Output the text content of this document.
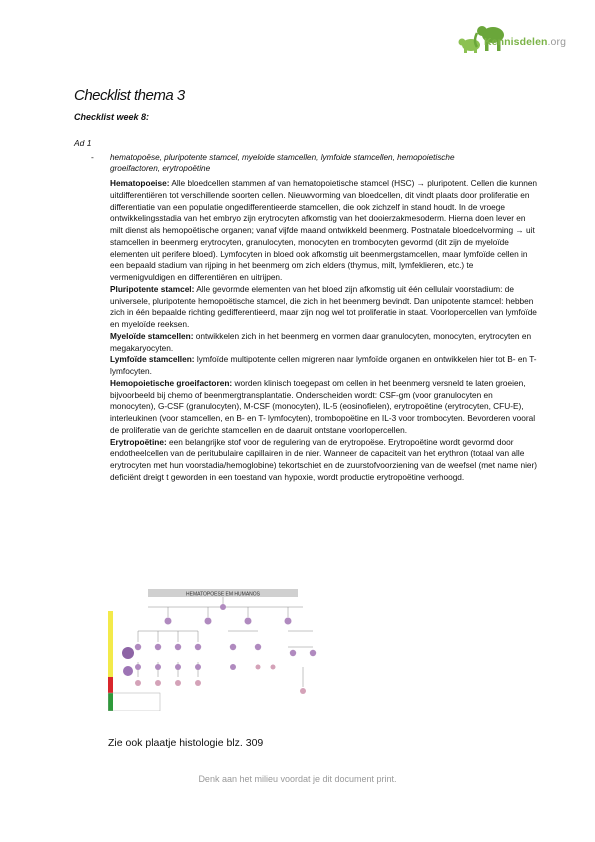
Kennisdelen.org
Checklist thema 3
Checklist week 8:
Ad 1
- hematopoëse, pluripotente stamcel, myeloide stamcellen, lymfoide stamcellen, hemopoietische groeifactoren, erytropoëtine

Hematopoeise: Alle bloedcellen stammen af van hematopoietische stamcel (HSC) → pluripotent. Cellen die kunnen uitdifferentiëren tot verschillende soorten cellen. Nieuwvorming van bloedcellen, dit vindt plaats door proliferatie en differentiatie van een populatie ongedifferentieerde stamcellen, die ook zichzelf in stand houdt. In de vroege ontwikkelingsstadia van het embryo zijn erytrocyten afkomstig van het dooierzakmesoderm. Hierna doen lever en milt dienst als hemopoëtische organen; vanaf vijfde maand ontwikkeld beenmerg. Postnatale bloedcelvorming → uit stamcellen in beenmerg erytrocyten, granulocyten, monocyten en trombocyten gevormd (dit zijn de myeloïde elementen uit perifere bloed). Lymfocyten in bloed ook afkomstig uit beenmergstamcellen, maar lymfoïde cellen in een bepaald stadium van rijping in het beenmerg om zich elders (thymus, milt, lymfeklieren, etc.) te vermenigvuldigen en differentiëren en uitrijpen.

Pluripotente stamcel: Alle gevormde elementen van het bloed zijn afkomstig uit één cellulair voorstadium: de universele, pluripotente hemopoëtische stamcel, die zich in het beenmerg bevindt. Dan unipotente stamcel: hebben zich in één bepaalde richting gedifferentieerd, maar zijn nog wel tot proliferatie in staat. Voorlopercellen van lymfoïde en myeloïde reeksen.

Myeloïde stamcellen: ontwikkelen zich in het beenmerg en vormen daar granulocyten, monocyten, erytrocyten en megakaryocyten.

Lymfoïde stamcellen: lymfoïde multipotente cellen migreren naar lymfoïde organen en ontwikkelen hier tot B- en T- lymfocyten.

Hemopoietische groeifactoren: worden klinisch toegepast om cellen in het beenmerg versneld te laten groeien, bijvoorbeeld bij chemo of beenmergtransplantatie. Onderscheiden wordt: CSF-gm (voor granulocyten en monocyten), G-CSF (granulocyten), M-CSF (monocyten), IL-5 (eosinofielen), erytropoëtine (erytrocyten, CFU-E), interleukinen (voor stamcellen, en B- en T- lymfocyten), trombopoëtine en IL-3 voor trombocyten. Bevorderen vooral de proliferatie van de gerichte stamcellen en de daaruit ontstane voorlopercellen.

Erytropoëtine: een belangrijke stof voor de regulering van de erytropoëse. Erytropoëtine wordt gevormd door endotheelcellen van de peritubulaire capillairen in de nier. Wanneer de capaciteit van het erythron (totaal van alle erytrocyten met hun voorstadia/hemoglobine) tekortschiet en de zuurstofvoorziening van de weefsel (met name nier) deficiënt dreigt t geworden in een toestand van hypoxie, wordt productie erytropoëtine verhoogd.

HEMATOPOESE EM HUMANOS
Zie ook plaatje histologie blz. 309
Denk aan het milieu voordat je dit document print.
